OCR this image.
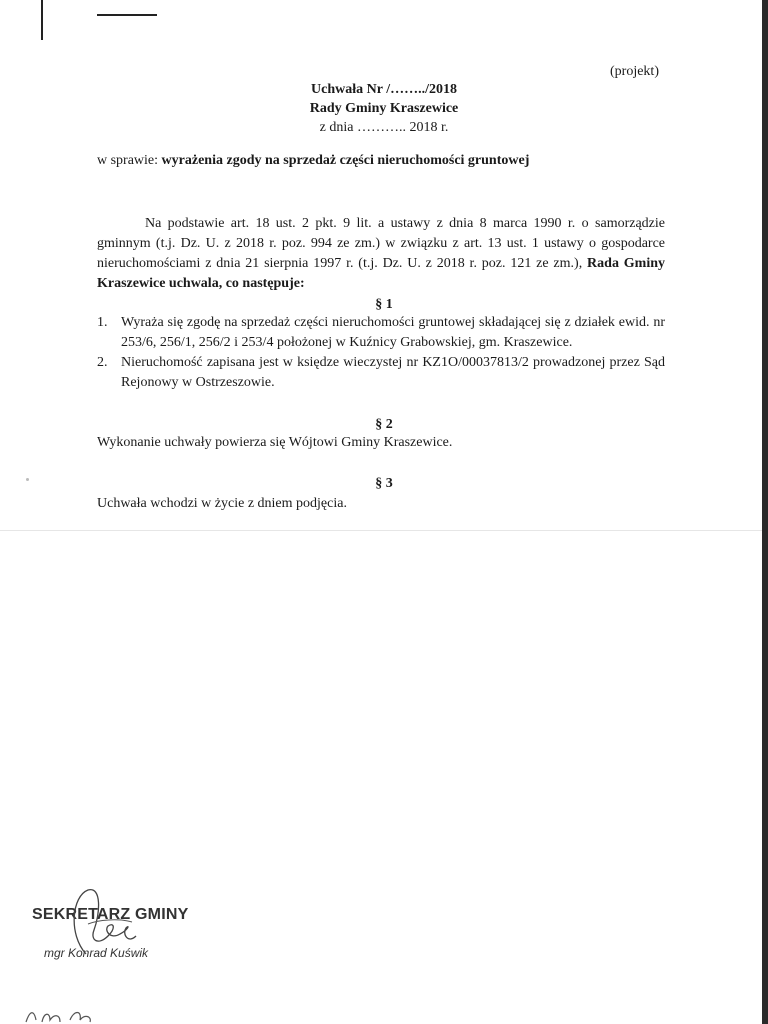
(projekt)
Uchwała Nr /……../2018
Rady Gminy Kraszewice
z dnia ……….. 2018 r.
w sprawie: wyrażenia zgody na sprzedaż części nieruchomości gruntowej

Na podstawie art. 18 ust. 2 pkt. 9 lit. a ustawy z dnia 8 marca 1990 r. o samorządzie gminnym (t.j. Dz. U. z 2018 r. poz. 994 ze zm.) w związku z art. 13 ust. 1 ustawy o gospodarce nieruchomościami z dnia 21 sierpnia 1997 r. (t.j. Dz. U. z 2018 r. poz. 121 ze zm.), Rada Gminy Kraszewice uchwala, co następuje:

§ 1
1. Wyraża się zgodę na sprzedaż części nieruchomości gruntowej składającej się z działek ewid. nr 253/6, 256/1, 256/2 i 253/4 położonej w Kuźnicy Grabowskiej, gm. Kraszewice.
2. Nieruchomość zapisana jest w księdze wieczystej nr KZ1O/00037813/2 prowadzonej przez Sąd Rejonowy w Ostrzeszowie.
§ 2
Wykonanie uchwały powierza się Wójtowi Gminy Kraszewice.
§ 3
Uchwała wchodzi w życie z dniem podjęcia.
SEKRETARZ GMINY
mgr Konrad Kuświk
